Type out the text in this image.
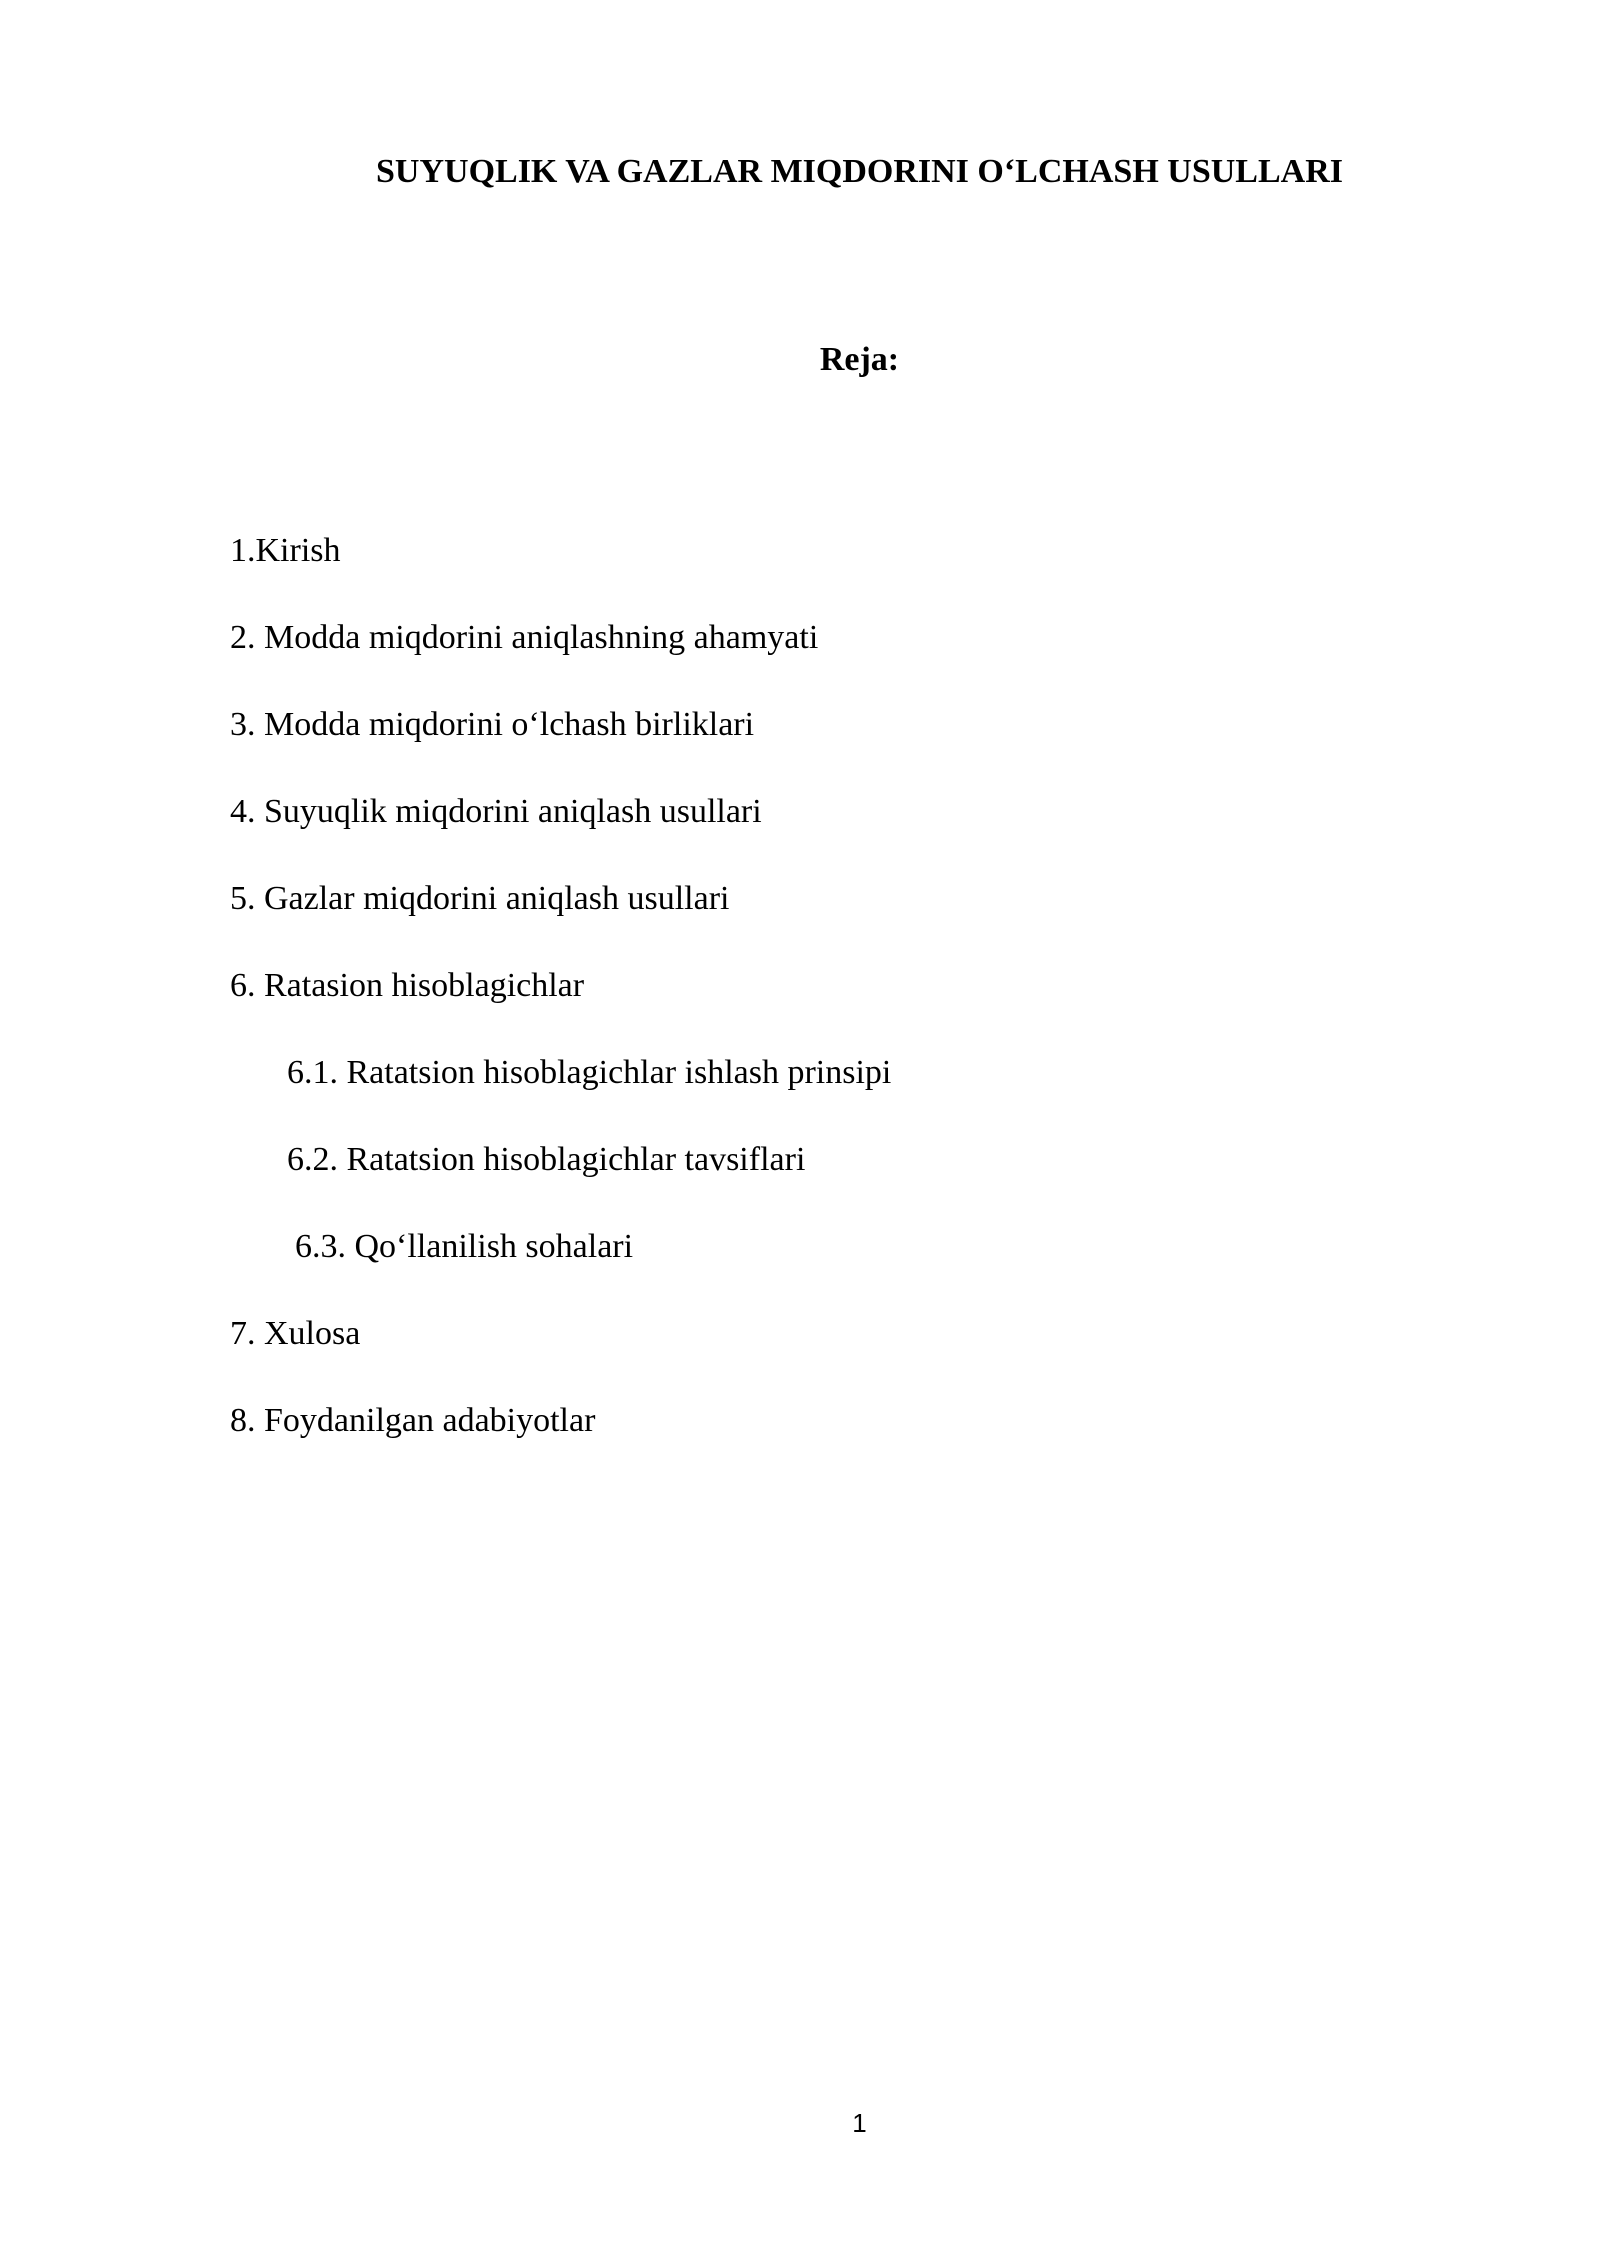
SUYUQLIK VA GAZLAR MIQDORINI O‘LCHASH USULLARI
Reja:
1.Kirish
2. Modda miqdorini aniqlashning ahamyati
3. Modda miqdorini o‘lchash birliklari
4. Suyuqlik miqdorini aniqlash usullari
5. Gazlar miqdorini aniqlash usullari
6. Ratasion hisoblagichlar
6.1. Ratatsion hisoblagichlar ishlash prinsipi
6.2. Ratatsion hisoblagichlar tavsiflari
6.3. Qo‘llanilish sohalari
7. Xulosa
8. Foydanilgan adabiyotlar
1
